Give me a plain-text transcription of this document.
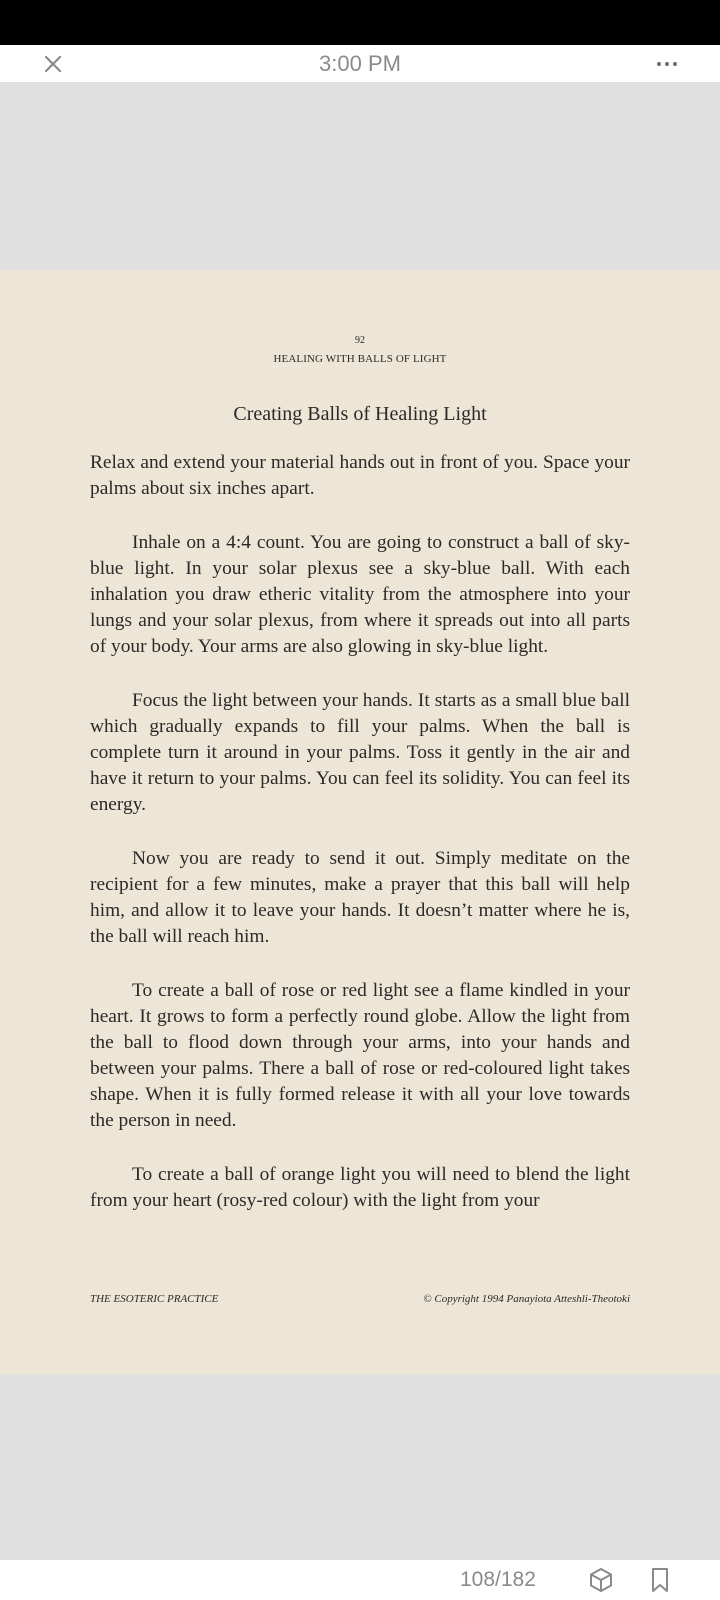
3:00 PM
92
HEALING WITH BALLS OF LIGHT
Creating Balls of Healing Light

Relax and extend your material hands out in front of you. Space your palms about six inches apart.

Inhale on a 4:4 count. You are going to construct a ball of sky-blue light. In your solar plexus see a sky-blue ball. With each inhalation you draw etheric vitality from the atmosphere into your lungs and your solar plexus, from where it spreads out into all parts of your body. Your arms are also glowing in sky-blue light.

Focus the light between your hands. It starts as a small blue ball which gradually expands to fill your palms. When the ball is complete turn it around in your palms. Toss it gently in the air and have it return to your palms. You can feel its solidity. You can feel its energy.

Now you are ready to send it out. Simply meditate on the recipient for a few minutes, make a prayer that this ball will help him, and allow it to leave your hands. It doesn’t matter where he is, the ball will reach him.

To create a ball of rose or red light see a flame kindled in your heart. It grows to form a perfectly round globe. Allow the light from the ball to flood down through your arms, into your hands and between your palms. There a ball of rose or red-coloured light takes shape. When it is fully formed release it with all your love towards the person in need.

To create a ball of orange light you will need to blend the light from your heart (rosy-red colour) with the light from your

THE ESOTERIC PRACTICE	© Copyright 1994 Panayiota Atteshli-Theotoki
108/182
